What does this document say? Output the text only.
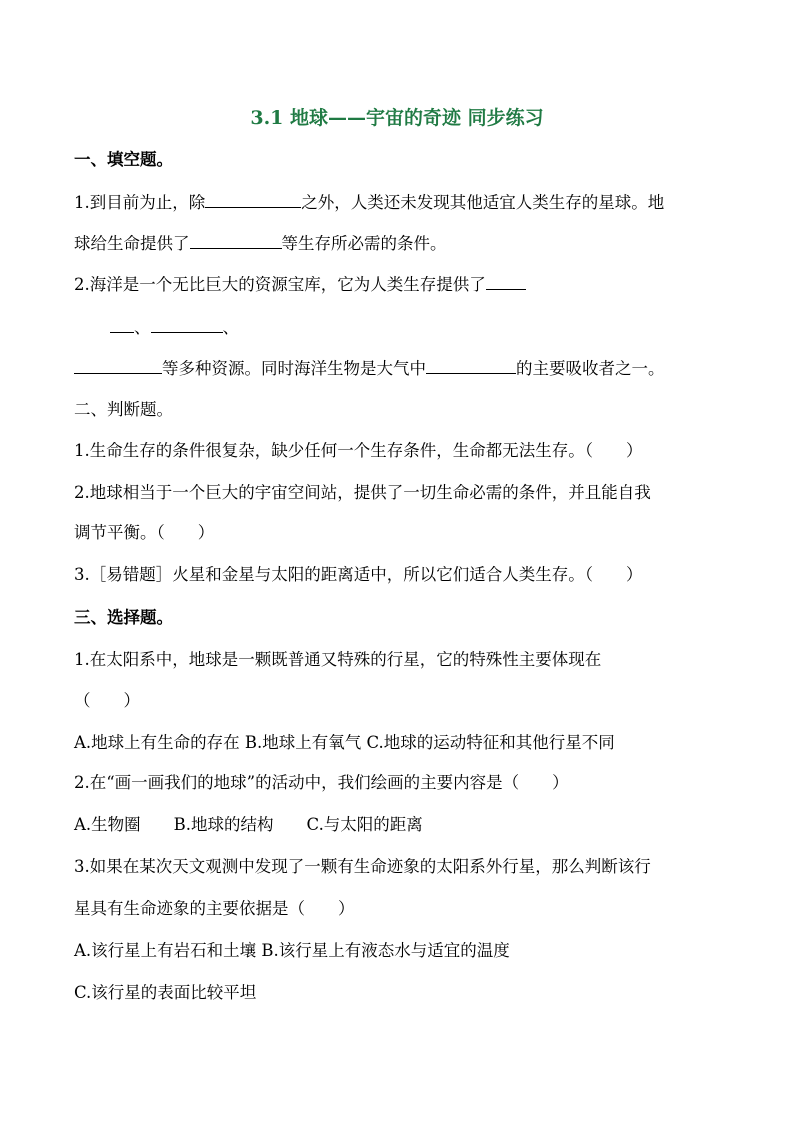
3.1 地球——宇宙的奇迹 同步练习
一、填空题。
1.到目前为止，除	之外，人类还未发现其他适宜人类生存的星球。地
球给生命提供了	等生存所必需的条件。
2.海洋是一个无比巨大的资源宝库，它为人类生存提供了
、	、
等多种资源。同时海洋生物是大气中	的主要吸收者之一。
二、判断题。
1.生命生存的条件很复杂，缺少任何一个生存条件，生命都无法生存。（　　）
2.地球相当于一个巨大的宇宙空间站，提供了一切生命必需的条件，并且能自我
调节平衡。（　　）
3.［易错题］火星和金星与太阳的距离适中，所以它们适合人类生存。（　　）
三、选择题。
1.在太阳系中，地球是一颗既普通又特殊的行星，它的特殊性主要体现在
（　　）
A.地球上有生命的存在 B.地球上有氧气 C.地球的运动特征和其他行星不同
2.在“画一画我们的地球”的活动中，我们绘画的主要内容是（　　）
A.生物圈　　B.地球的结构　　C.与太阳的距离
3.如果在某次天文观测中发现了一颗有生命迹象的太阳系外行星，那么判断该行
星具有生命迹象的主要依据是（　　）
A.该行星上有岩石和土壤 B.该行星上有液态水与适宜的温度
C.该行星的表面比较平坦
